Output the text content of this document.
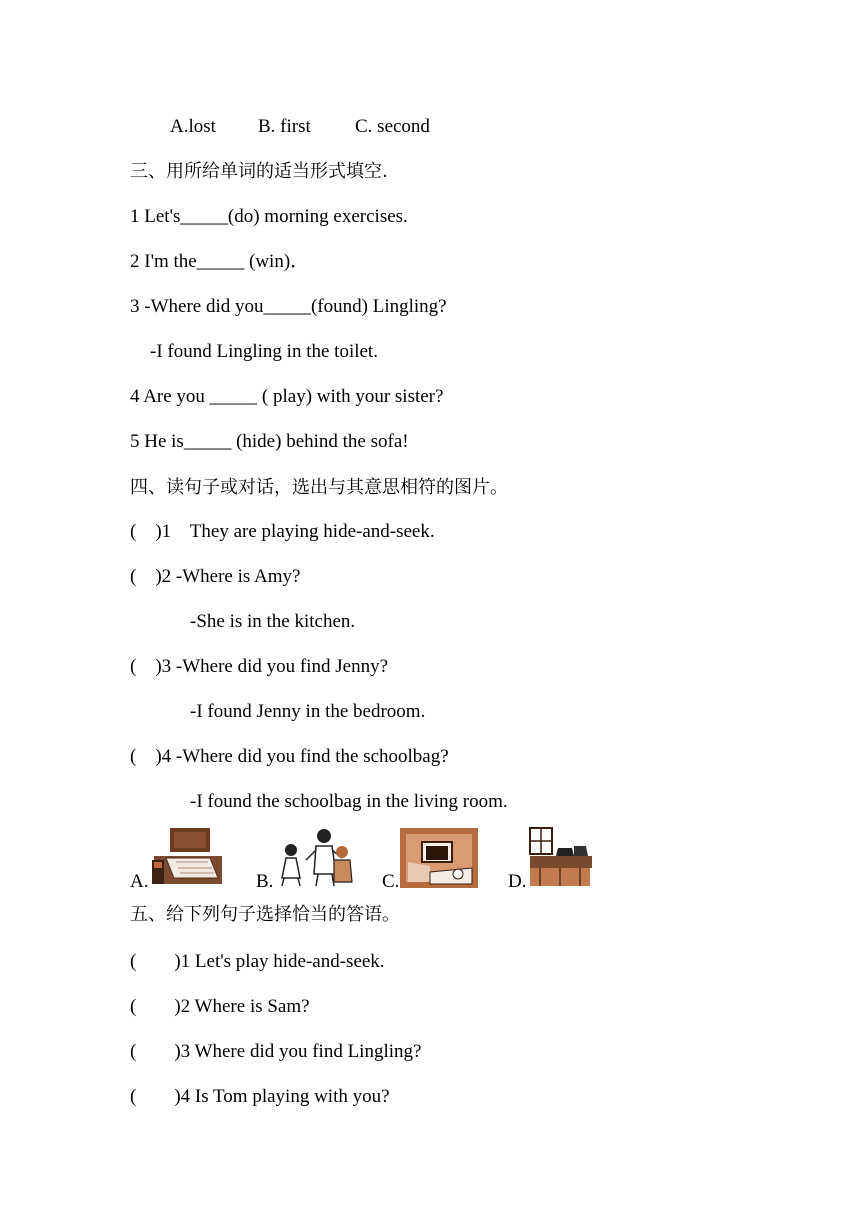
A.lost B. first C. second
三、用所给单词的适当形式填空.
1 Let's_____(do) morning exercises.
2 I'm the_____ (win)．
3 -Where did you_____(found) Lingling?
-I found Lingling in the toilet.
4 Are you _____ ( play) with your sister?
5 He is_____ (hide) behind the sofa!
四、读句子或对话，选出与其意思相符的图片。
(    )1    They are playing hide-and-seek.
(    )2 -Where is Amy?
-She is in the kitchen.
(    )3 -Where did you find Jenny?
-I found Jenny in the bedroom.
(    )4 -Where did you find the schoolbag?
-I found the schoolbag in the living room.
A.	B.	C.	D.
五、给下列句子选择恰当的答语。
(        )1 Let's play hide-and-seek.
(        )2 Where is Sam?
(        )3 Where did you find Lingling?
(        )4 Is Tom playing with you?
